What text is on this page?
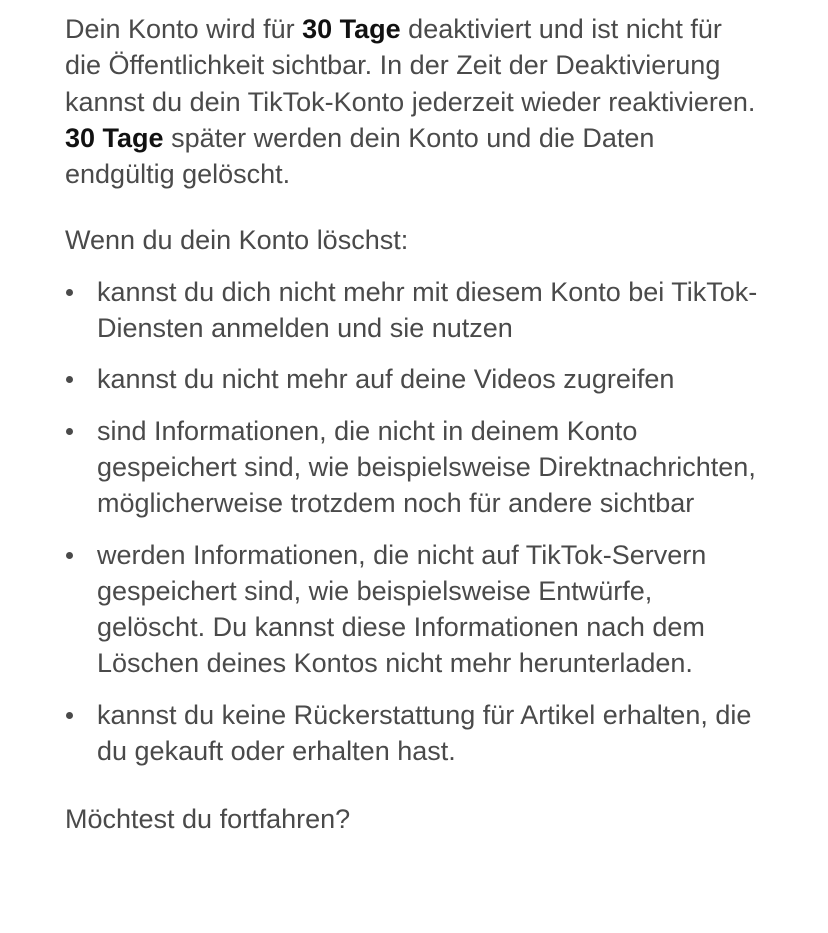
Dein Konto wird für 30 Tage deaktiviert und ist nicht für die Öffentlichkeit sichtbar. In der Zeit der Deaktivierung kannst du dein TikTok-Konto jederzeit wieder reaktivieren.

30 Tage später werden dein Konto und die Daten endgültig gelöscht.

Wenn du dein Konto löschst:

kannst du dich nicht mehr mit diesem Konto bei TikTok-Diensten anmelden und sie nutzen
kannst du nicht mehr auf deine Videos zugreifen
sind Informationen, die nicht in deinem Konto gespeichert sind, wie beispielsweise Direktnachrichten, möglicherweise trotzdem noch für andere sichtbar
werden Informationen, die nicht auf TikTok-Servern gespeichert sind, wie beispielsweise Entwürfe, gelöscht. Du kannst diese Informationen nach dem Löschen deines Kontos nicht mehr herunterladen.
kannst du keine Rückerstattung für Artikel erhalten, die du gekauft oder erhalten hast.

Möchtest du fortfahren?
